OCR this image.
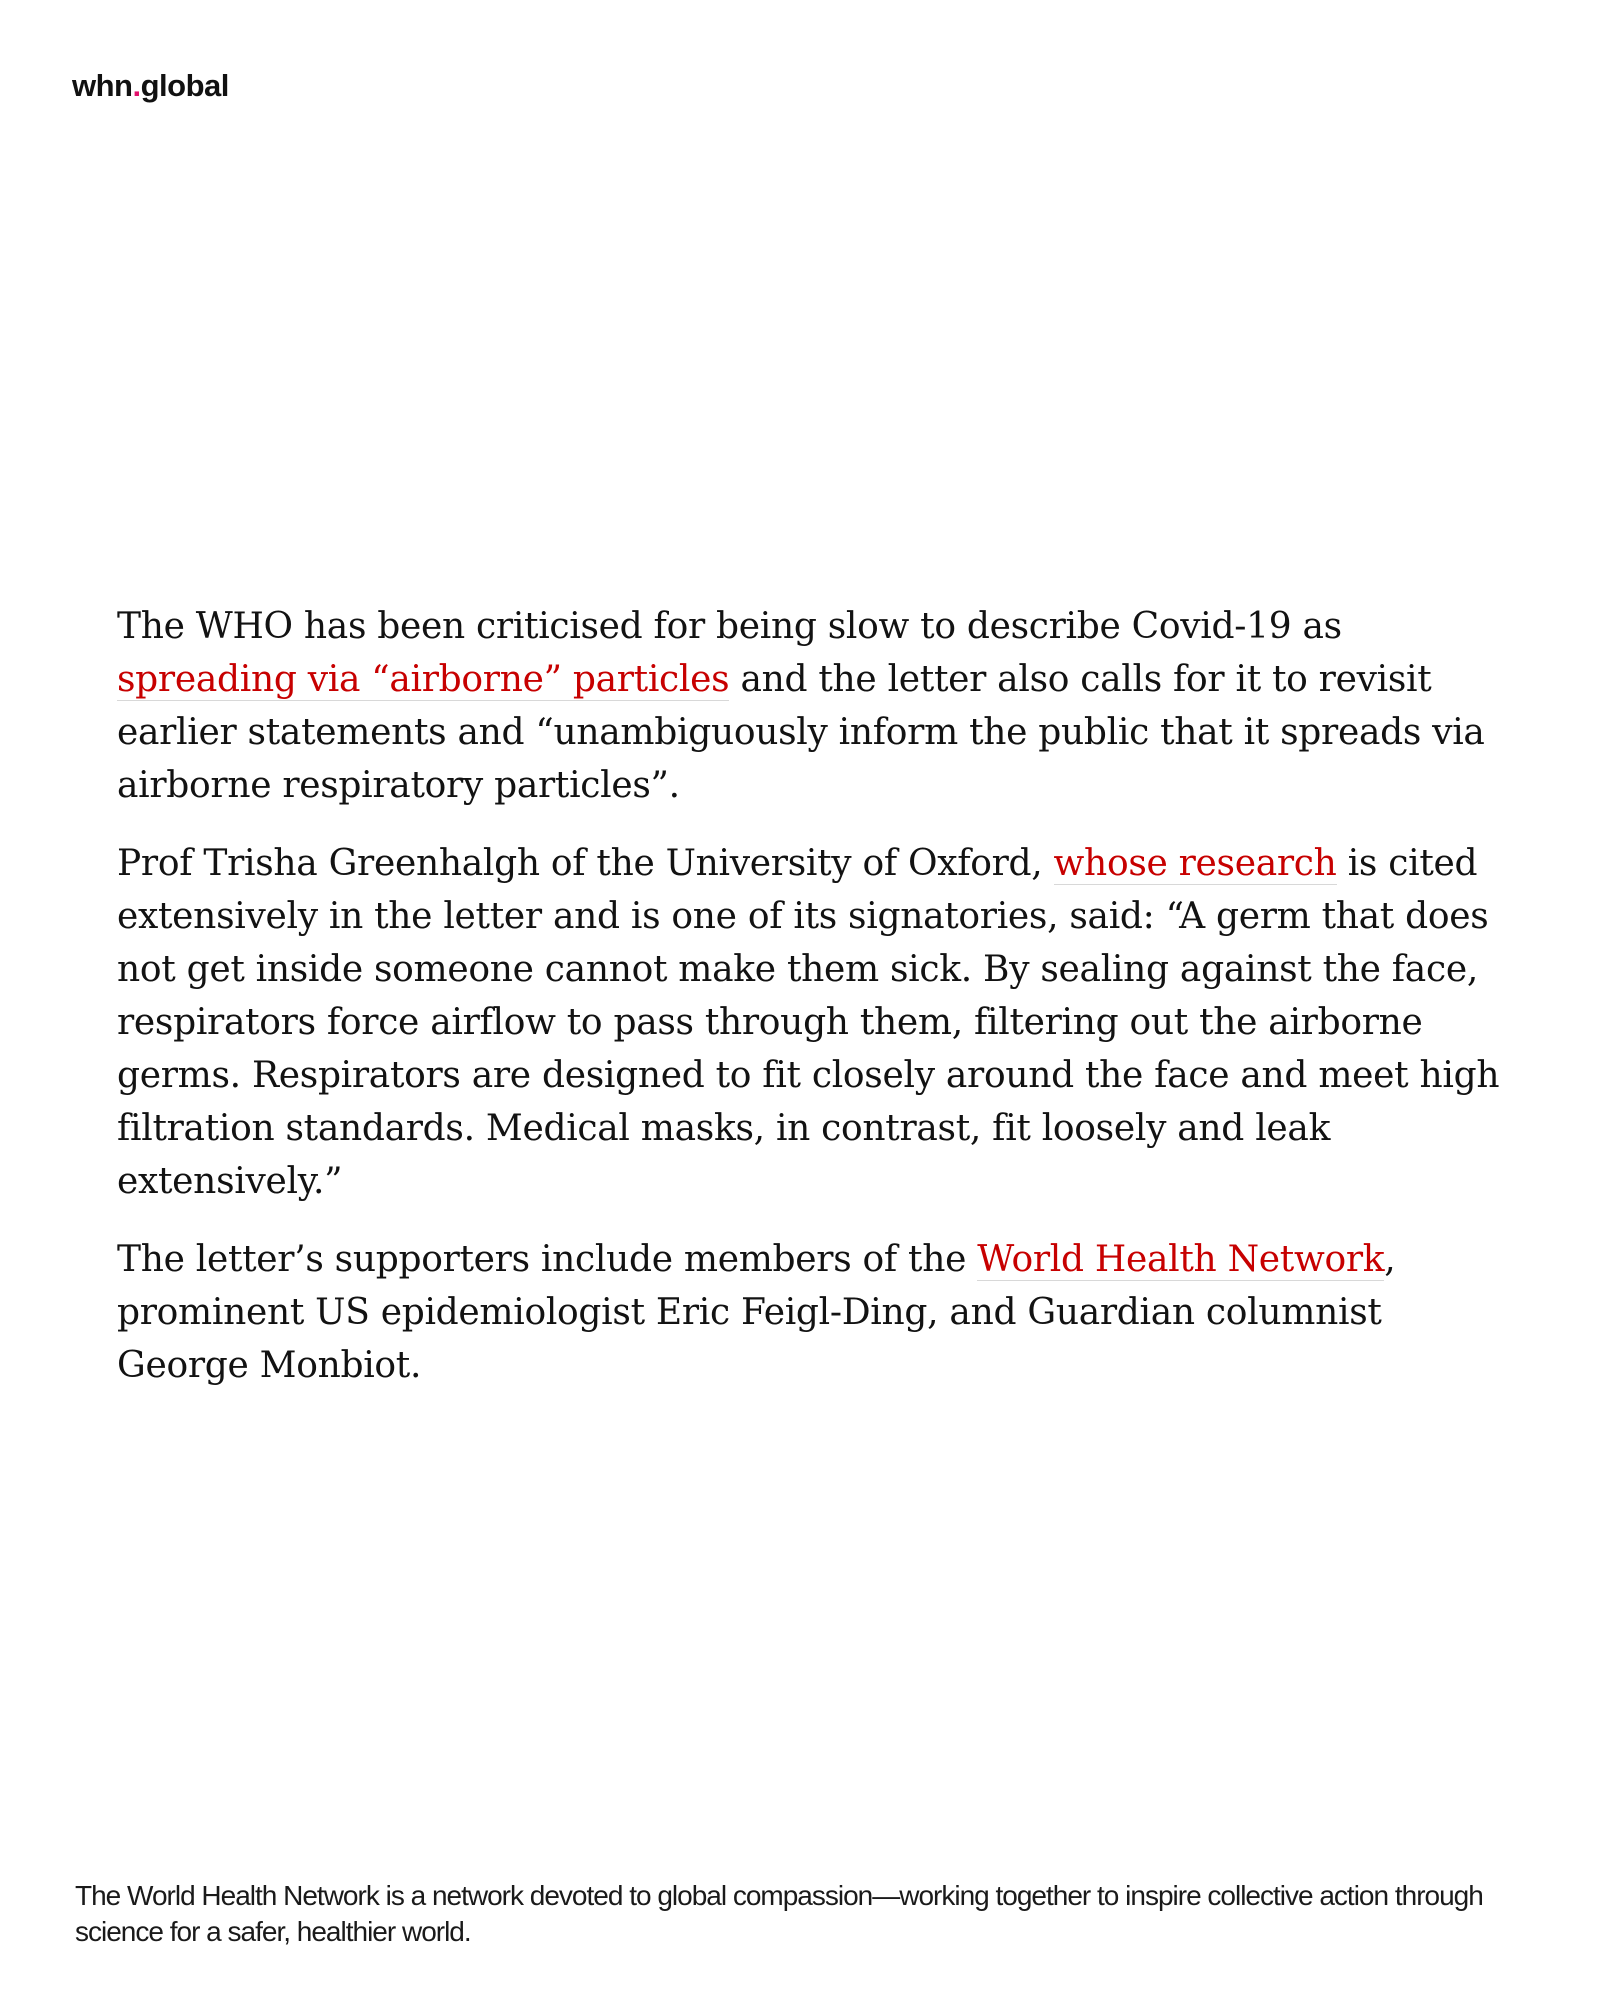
whn.global

The WHO has been criticised for being slow to describe Covid-19 as spreading via “airborne” particles and the letter also calls for it to revisit earlier statements and “unambiguously inform the public that it spreads via airborne respiratory particles”.

Prof Trisha Greenhalgh of the University of Oxford, whose research is cited extensively in the letter and is one of its signatories, said: “A germ that does not get inside someone cannot make them sick. By sealing against the face, respirators force airflow to pass through them, filtering out the airborne germs. Respirators are designed to fit closely around the face and meet high filtration standards. Medical masks, in contrast, fit loosely and leak extensively.”

The letter’s supporters include members of the World Health Network, prominent US epidemiologist Eric Feigl-Ding, and Guardian columnist George Monbiot.

The World Health Network is a network devoted to global compassion—working together to inspire collective action through science for a safer, healthier world.
